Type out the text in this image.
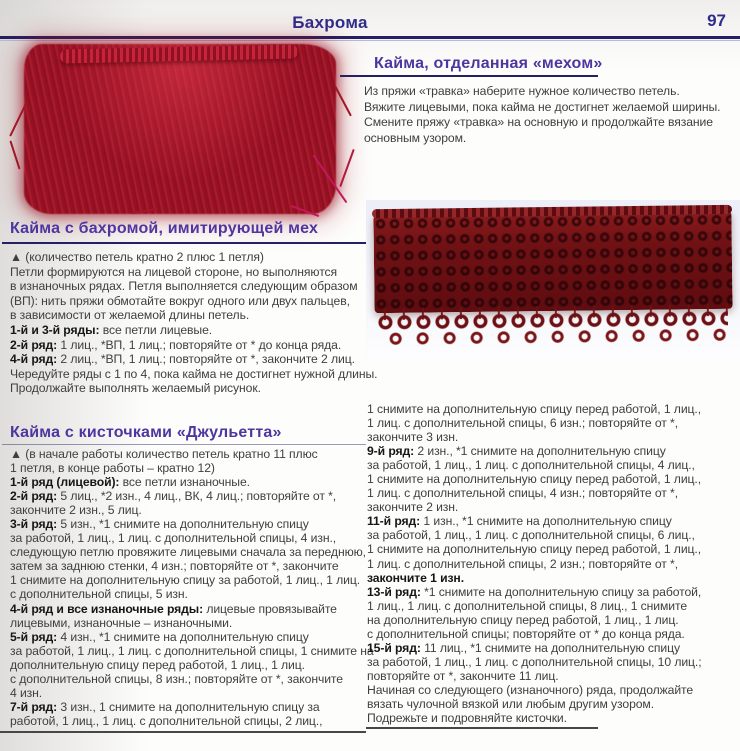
Бахрома	97
Кайма, отделанная «мехом»
Из пряжи «травка» наберите нужное количество петель.
Вяжите лицевыми, пока кайма не достигнет желаемой ширины.
Смените пряжу «травка» на основную и продолжайте вязание
основным узором.
Кайма с бахромой, имитирующей мех
▲ (количество петель кратно 2 плюс 1 петля)
Петли формируются на лицевой стороне, но выполняются
в изнаночных рядах. Петля выполняется следующим образом
(ВП): нить пряжи обмотайте вокруг одного или двух пальцев,
в зависимости от желаемой длины петель.
1-й и 3-й ряды: все петли лицевые.
2-й ряд: 1 лиц., *ВП, 1 лиц.; повторяйте от * до конца ряда.
4-й ряд: 2 лиц., *ВП, 1 лиц.; повторяйте от *, закончите 2 лиц.
Чередуйте ряды с 1 по 4, пока кайма не достигнет нужной длины.
Продолжайте выполнять желаемый рисунок.
Кайма с кисточками «Джульетта»
▲ (в начале работы количество петель кратно 11 плюс
1 петля, в конце работы – кратно 12)
1-й ряд (лицевой): все петли изнаночные.
2-й ряд: 5 лиц., *2 изн., 4 лиц., ВК, 4 лиц.; повторяйте от *,
закончите 2 изн., 5 лиц.
3-й ряд: 5 изн., *1 снимите на дополнительную спицу
за работой, 1 лиц., 1 лиц. с дополнительной спицы, 4 изн.,
следующую петлю провяжите лицевыми сначала за переднюю,
затем за заднюю стенки, 4 изн.; повторяйте от *, закончите
1 снимите на дополнительную спицу за работой, 1 лиц., 1 лиц.
с дополнительной спицы, 5 изн.
4-й ряд и все изнаночные ряды: лицевые провязывайте
лицевыми, изнаночные – изнаночными.
5-й ряд: 4 изн., *1 снимите на дополнительную спицу
за работой, 1 лиц., 1 лиц. с дополнительной спицы, 1 снимите на
дополнительную спицу перед работой, 1 лиц., 1 лиц.
с дополнительной спицы, 8 изн.; повторяйте от *, закончите
4 изн.
7-й ряд: 3 изн., 1 снимите на дополнительную спицу за
работой, 1 лиц., 1 лиц. с дополнительной спицы, 2 лиц.,
1 снимите на дополнительную спицу перед работой, 1 лиц.,
1 лиц. с дополнительной спицы, 6 изн.; повторяйте от *,
закончите 3 изн.
9-й ряд: 2 изн., *1 снимите на дополнительную спицу
за работой, 1 лиц., 1 лиц. с дополнительной спицы, 4 лиц.,
1 снимите на дополнительную спицу перед работой, 1 лиц.,
1 лиц. с дополнительной спицы, 4 изн.; повторяйте от *,
закончите 2 изн.
11-й ряд: 1 изн., *1 снимите на дополнительную спицу
за работой, 1 лиц., 1 лиц. с дополнительной спицы, 6 лиц.,
1 снимите на дополнительную спицу перед работой, 1 лиц.,
1 лиц. с дополнительной спицы, 2 изн.; повторяйте от *,
закончите 1 изн.
13-й ряд: *1 снимите на дополнительную спицу за работой,
1 лиц., 1 лиц. с дополнительной спицы, 8 лиц., 1 снимите
на дополнительную спицу перед работой, 1 лиц., 1 лиц.
с дополнительной спицы; повторяйте от * до конца ряда.
15-й ряд: 11 лиц., *1 снимите на дополнительную спицу
за работой, 1 лиц., 1 лиц. с дополнительной спицы, 10 лиц.;
повторяйте от *, закончите 11 лиц.
Начиная со следующего (изнаночного) ряда, продолжайте
вязать чулочной вязкой или любым другим узором.
Подрежьте и подровняйте кисточки.
